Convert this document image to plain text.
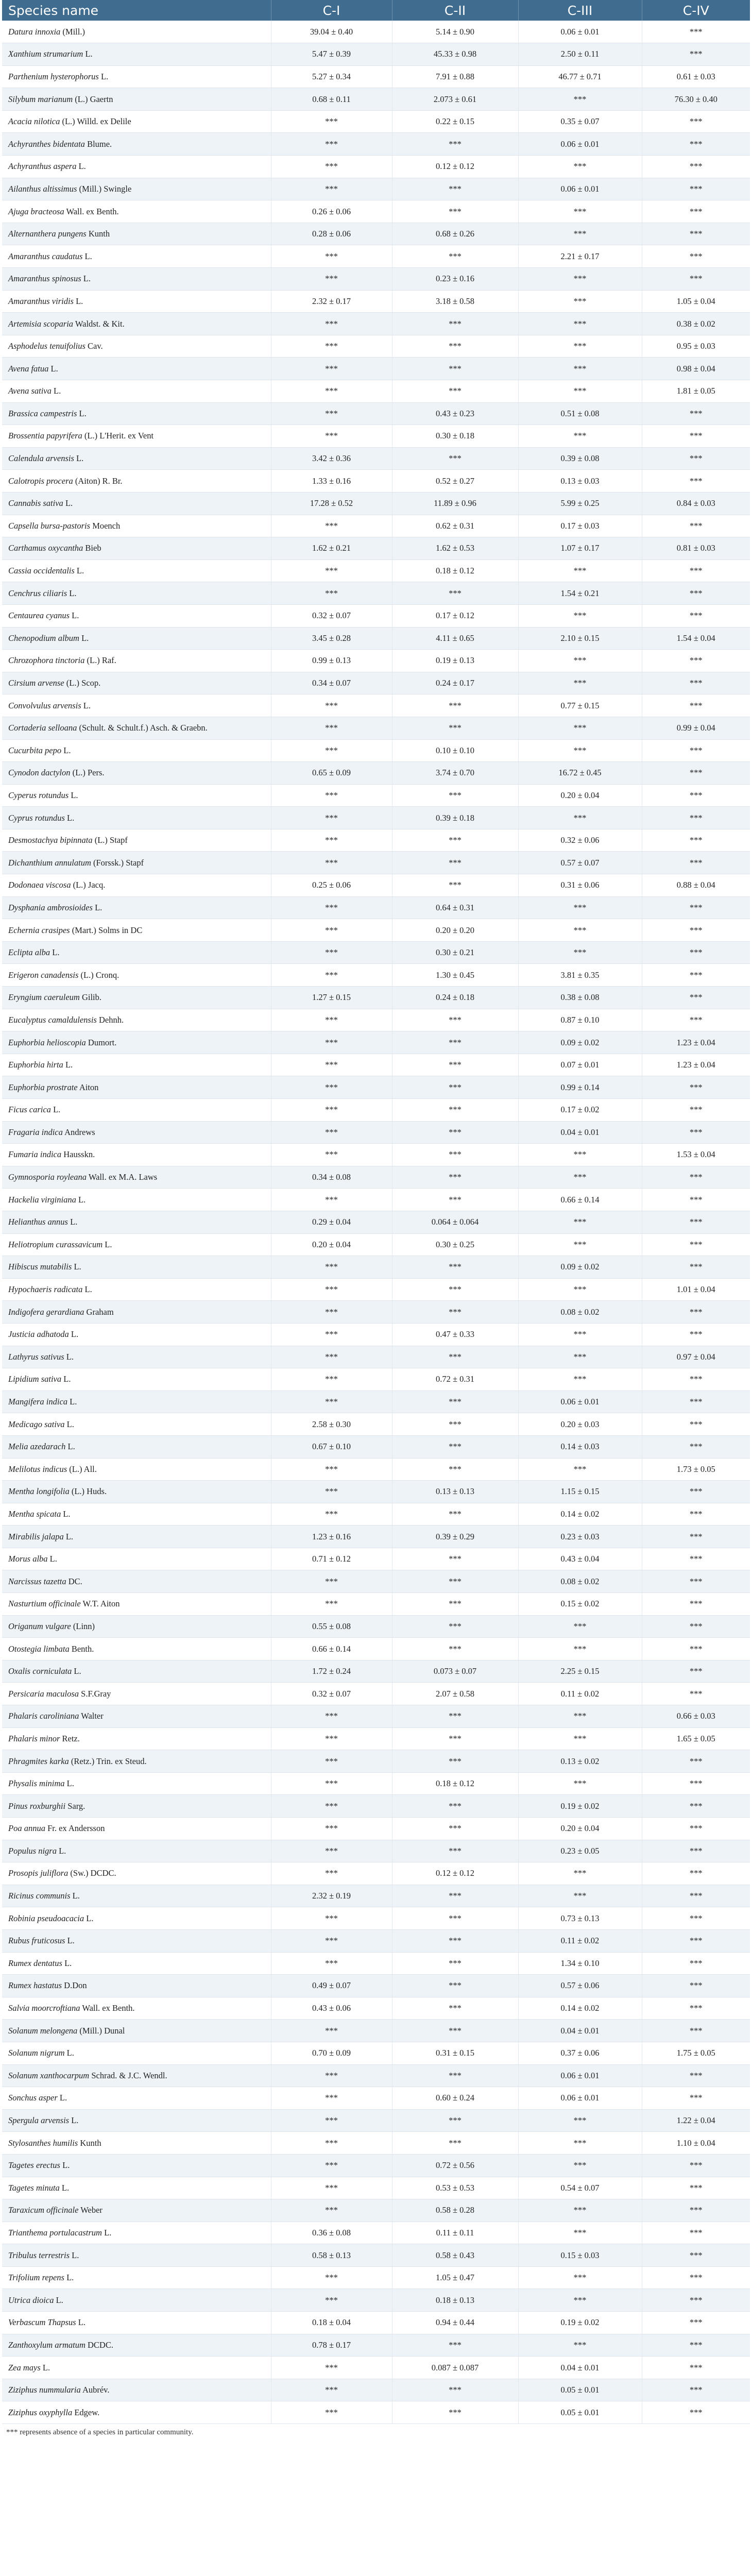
Species name	C-I	C-II	C-III	C-IV
Datura innoxia (Mill.)	39.04 ± 0.40	5.14 ± 0.90	0.06 ± 0.01	***
Xanthium strumarium L.	5.47 ± 0.39	45.33 ± 0.98	2.50 ± 0.11	***
Parthenium hysterophorus L.	5.27 ± 0.34	7.91 ± 0.88	46.77 ± 0.71	0.61 ± 0.03
Silybum marianum (L.) Gaertn	0.68 ± 0.11	2.073 ± 0.61	***	76.30 ± 0.40
Acacia nilotica (L.) Willd. ex Delile	***	0.22 ± 0.15	0.35 ± 0.07	***
Achyranthes bidentata Blume.	***	***	0.06 ± 0.01	***
Achyranthus aspera L.	***	0.12 ± 0.12	***	***
Ailanthus altissimus (Mill.) Swingle	***	***	0.06 ± 0.01	***
Ajuga bracteosa Wall. ex Benth.	0.26 ± 0.06	***	***	***
Alternanthera pungens Kunth	0.28 ± 0.06	0.68 ± 0.26	***	***
Amaranthus caudatus L.	***	***	2.21 ± 0.17	***
Amaranthus spinosus L.	***	0.23 ± 0.16	***	***
Amaranthus viridis L.	2.32 ± 0.17	3.18 ± 0.58	***	1.05 ± 0.04
Artemisia scoparia Waldst. & Kit.	***	***	***	0.38 ± 0.02
Asphodelus tenuifolius Cav.	***	***	***	0.95 ± 0.03
Avena fatua L.	***	***	***	0.98 ± 0.04
Avena sativa L.	***	***	***	1.81 ± 0.05
Brassica campestris L.	***	0.43 ± 0.23	0.51 ± 0.08	***
Brossentia papyrifera (L.) L'Herit. ex Vent	***	0.30 ± 0.18	***	***
Calendula arvensis L.	3.42 ± 0.36	***	0.39 ± 0.08	***
Calotropis procera (Aiton) R. Br.	1.33 ± 0.16	0.52 ± 0.27	0.13 ± 0.03	***
Cannabis sativa L.	17.28 ± 0.52	11.89 ± 0.96	5.99 ± 0.25	0.84 ± 0.03
Capsella bursa-pastoris Moench	***	0.62 ± 0.31	0.17 ± 0.03	***
Carthamus oxycantha Bieb	1.62 ± 0.21	1.62 ± 0.53	1.07 ± 0.17	0.81 ± 0.03
Cassia occidentalis L.	***	0.18 ± 0.12	***	***
Cenchrus ciliaris L.	***	***	1.54 ± 0.21	***
Centaurea cyanus L.	0.32 ± 0.07	0.17 ± 0.12	***	***
Chenopodium album L.	3.45 ± 0.28	4.11 ± 0.65	2.10 ± 0.15	1.54 ± 0.04
Chrozophora tinctoria (L.) Raf.	0.99 ± 0.13	0.19 ± 0.13	***	***
Cirsium arvense (L.) Scop.	0.34 ± 0.07	0.24 ± 0.17	***	***
Convolvulus arvensis L.	***	***	0.77 ± 0.15	***
Cortaderia selloana (Schult. & Schult.f.) Asch. & Graebn.	***	***	***	0.99 ± 0.04
Cucurbita pepo L.	***	0.10 ± 0.10	***	***
Cynodon dactylon (L.) Pers.	0.65 ± 0.09	3.74 ± 0.70	16.72 ± 0.45	***
Cyperus rotundus L.	***	***	0.20 ± 0.04	***
Cyprus rotundus L.	***	0.39 ± 0.18	***	***
Desmostachya bipinnata (L.) Stapf	***	***	0.32 ± 0.06	***
Dichanthium annulatum (Forssk.) Stapf	***	***	0.57 ± 0.07	***
Dodonaea viscosa (L.) Jacq.	0.25 ± 0.06	***	0.31 ± 0.06	0.88 ± 0.04
Dysphania ambrosioides L.	***	0.64 ± 0.31	***	***
Echernia crasipes (Mart.) Solms in DC	***	0.20 ± 0.20	***	***
Eclipta alba L.	***	0.30 ± 0.21	***	***
Erigeron canadensis (L.) Cronq.	***	1.30 ± 0.45	3.81 ± 0.35	***
Eryngium caeruleum Gilib.	1.27 ± 0.15	0.24 ± 0.18	0.38 ± 0.08	***
Eucalyptus camaldulensis Dehnh.	***	***	0.87 ± 0.10	***
Euphorbia helioscopia Dumort.	***	***	0.09 ± 0.02	1.23 ± 0.04
Euphorbia hirta L.	***	***	0.07 ± 0.01	1.23 ± 0.04
Euphorbia prostrate Aiton	***	***	0.99 ± 0.14	***
Ficus carica L.	***	***	0.17 ± 0.02	***
Fragaria indica Andrews	***	***	0.04 ± 0.01	***
Fumaria indica Hausskn.	***	***	***	1.53 ± 0.04
Gymnosporia royleana Wall. ex M.A. Laws	0.34 ± 0.08	***	***	***
Hackelia virginiana L.	***	***	0.66 ± 0.14	***
Helianthus annus L.	0.29 ± 0.04	0.064 ± 0.064	***	***
Heliotropium curassavicum L.	0.20 ± 0.04	0.30 ± 0.25	***	***
Hibiscus mutabilis L.	***	***	0.09 ± 0.02	***
Hypochaeris radicata L.	***	***	***	1.01 ± 0.04
Indigofera gerardiana Graham	***	***	0.08 ± 0.02	***
Justicia adhatoda L.	***	0.47 ± 0.33	***	***
Lathyrus sativus L.	***	***	***	0.97 ± 0.04
Lipidium sativa L.	***	0.72 ± 0.31	***	***
Mangifera indica L.	***	***	0.06 ± 0.01	***
Medicago sativa L.	2.58 ± 0.30	***	0.20 ± 0.03	***
Melia azedarach L.	0.67 ± 0.10	***	0.14 ± 0.03	***
Melilotus indicus (L.) All.	***	***	***	1.73 ± 0.05
Mentha longifolia (L.) Huds.	***	0.13 ± 0.13	1.15 ± 0.15	***
Mentha spicata L.	***	***	0.14 ± 0.02	***
Mirabilis jalapa L.	1.23 ± 0.16	0.39 ± 0.29	0.23 ± 0.03	***
Morus alba L.	0.71 ± 0.12	***	0.43 ± 0.04	***
Narcissus tazetta DC.	***	***	0.08 ± 0.02	***
Nasturtium officinale W.T. Aiton	***	***	0.15 ± 0.02	***
Origanum vulgare (Linn)	0.55 ± 0.08	***	***	***
Otostegia limbata Benth.	0.66 ± 0.14	***	***	***
Oxalis corniculata L.	1.72 ± 0.24	0.073 ± 0.07	2.25 ± 0.15	***
Persicaria maculosa S.F.Gray	0.32 ± 0.07	2.07 ± 0.58	0.11 ± 0.02	***
Phalaris caroliniana Walter	***	***	***	0.66 ± 0.03
Phalaris minor Retz.	***	***	***	1.65 ± 0.05
Phragmites karka (Retz.) Trin. ex Steud.	***	***	0.13 ± 0.02	***
Physalis minima L.	***	0.18 ± 0.12	***	***
Pinus roxburghii Sarg.	***	***	0.19 ± 0.02	***
Poa annua Fr. ex Andersson	***	***	0.20 ± 0.04	***
Populus nigra L.	***	***	0.23 ± 0.05	***
Prosopis juliflora (Sw.) DCDC.	***	0.12 ± 0.12	***	***
Ricinus communis L.	2.32 ± 0.19	***	***	***
Robinia pseudoacacia L.	***	***	0.73 ± 0.13	***
Rubus fruticosus L.	***	***	0.11 ± 0.02	***
Rumex dentatus L.	***	***	1.34 ± 0.10	***
Rumex hastatus D.Don	0.49 ± 0.07	***	0.57 ± 0.06	***
Salvia moorcroftiana Wall. ex Benth.	0.43 ± 0.06	***	0.14 ± 0.02	***
Solanum melongena (Mill.) Dunal	***	***	0.04 ± 0.01	***
Solanum nigrum L.	0.70 ± 0.09	0.31 ± 0.15	0.37 ± 0.06	1.75 ± 0.05
Solanum xanthocarpum Schrad. & J.C. Wendl.	***	***	0.06 ± 0.01	***
Sonchus asper L.	***	0.60 ± 0.24	0.06 ± 0.01	***
Spergula arvensis L.	***	***	***	1.22 ± 0.04
Stylosanthes humilis Kunth	***	***	***	1.10 ± 0.04
Tagetes erectus L.	***	0.72 ± 0.56	***	***
Tagetes minuta L.	***	0.53 ± 0.53	0.54 ± 0.07	***
Taraxicum officinale Weber	***	0.58 ± 0.28	***	***
Trianthema portulacastrum L.	0.36 ± 0.08	0.11 ± 0.11	***	***
Tribulus terrestris L.	0.58 ± 0.13	0.58 ± 0.43	0.15 ± 0.03	***
Trifolium repens L.	***	1.05 ± 0.47	***	***
Utrica dioica L.	***	0.18 ± 0.13	***	***
Verbascum Thapsus L.	0.18 ± 0.04	0.94 ± 0.44	0.19 ± 0.02	***
Zanthoxylum armatum DCDC.	0.78 ± 0.17	***	***	***
Zea mays L.	***	0.087 ± 0.087	0.04 ± 0.01	***
Ziziphus nummularia Aubrév.	***	***	0.05 ± 0.01	***
Ziziphus oxyphylla Edgew.	***	***	0.05 ± 0.01	***
*** represents absence of a species in particular community.
